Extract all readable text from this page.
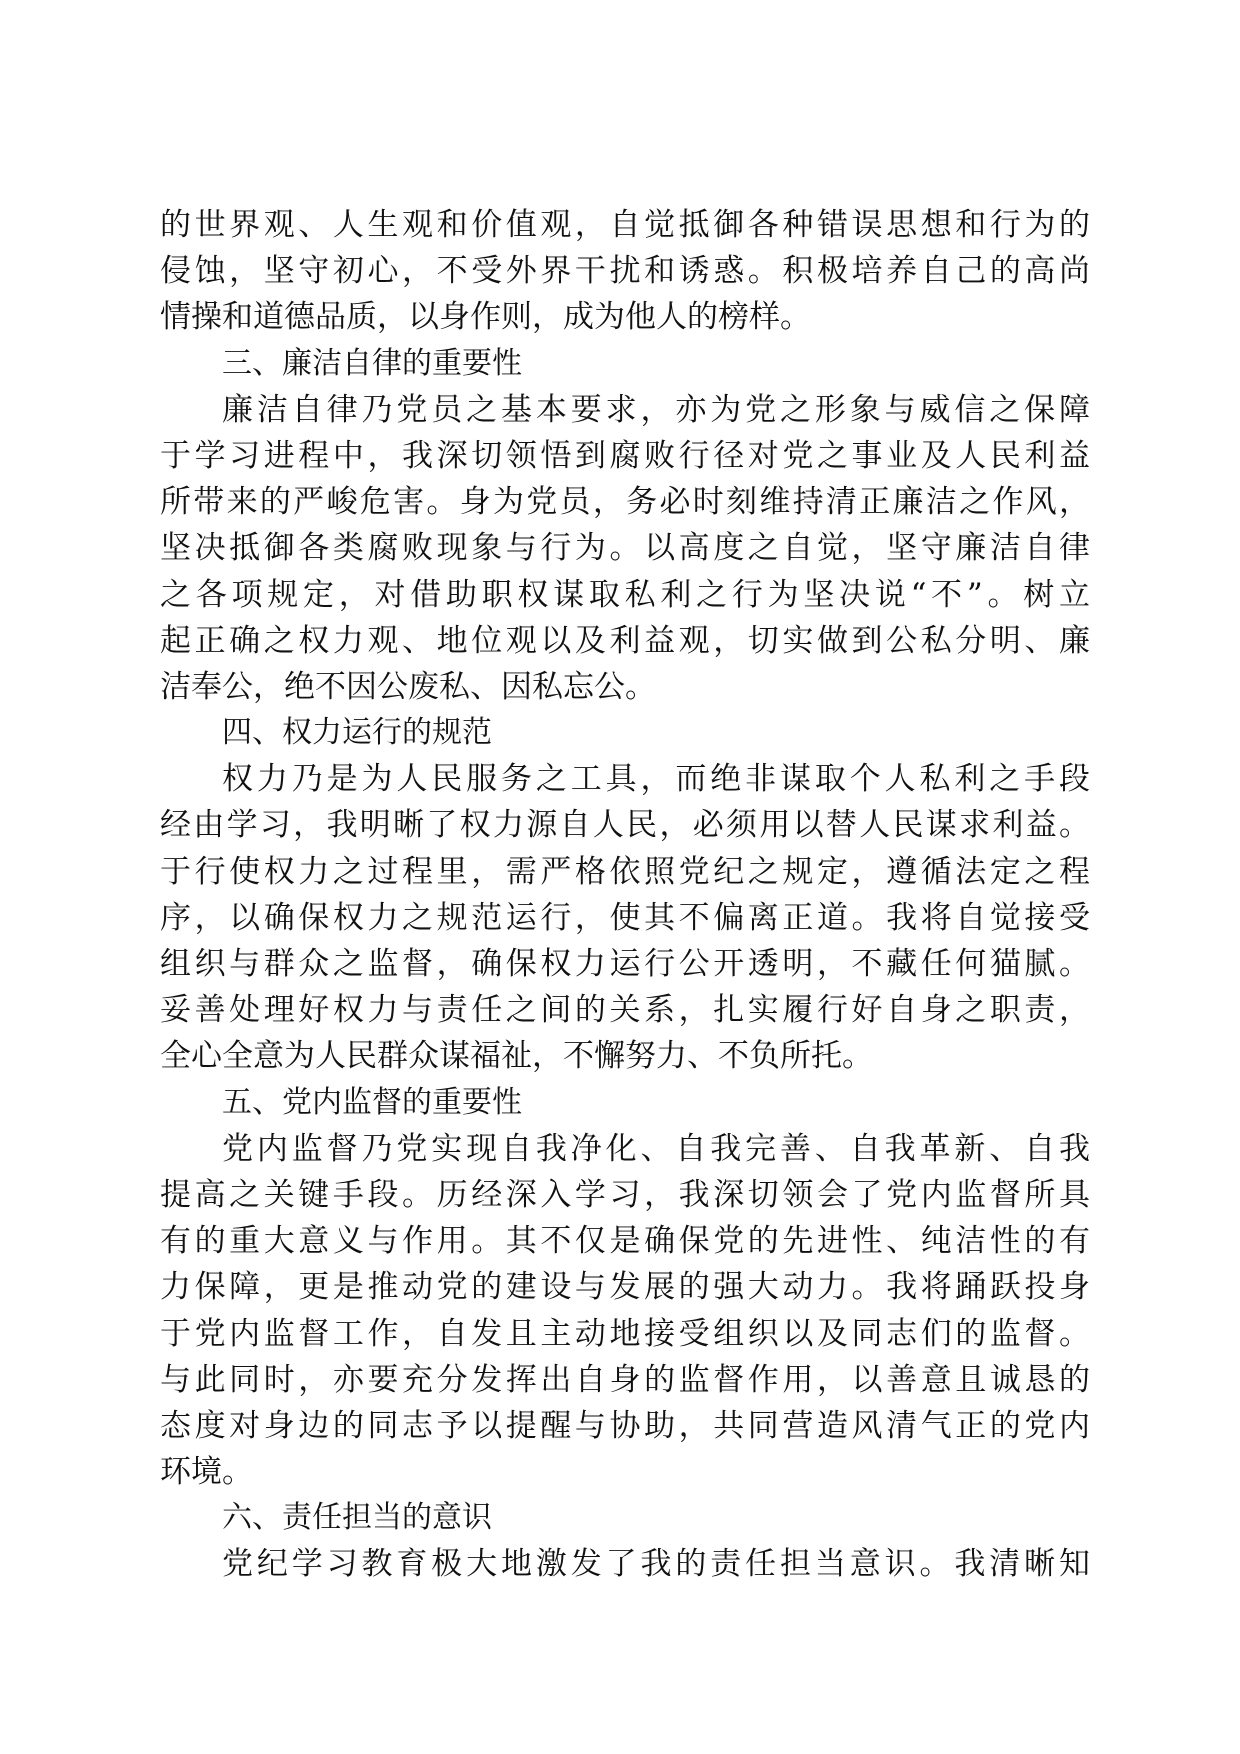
的世界观、人生观和价值观，自觉抵御各种错误思想和行为的
侵蚀，坚守初心，不受外界干扰和诱惑。积极培养自己的高尚
情操和道德品质，以身作则，成为他人的榜样。
三、廉洁自律的重要性
廉洁自律乃党员之基本要求，亦为党之形象与威信之保障
于学习进程中，我深切领悟到腐败行径对党之事业及人民利益
所带来的严峻危害。身为党员，务必时刻维持清正廉洁之作风，
坚决抵御各类腐败现象与行为。以高度之自觉，坚守廉洁自律
之各项规定，对借助职权谋取私利之行为坚决说“不”。树立
起正确之权力观、地位观以及利益观，切实做到公私分明、廉
洁奉公，绝不因公废私、因私忘公。
四、权力运行的规范
权力乃是为人民服务之工具，而绝非谋取个人私利之手段
经由学习，我明晰了权力源自人民，必须用以替人民谋求利益。
于行使权力之过程里，需严格依照党纪之规定，遵循法定之程
序，以确保权力之规范运行，使其不偏离正道。我将自觉接受
组织与群众之监督，确保权力运行公开透明，不藏任何猫腻。
妥善处理好权力与责任之间的关系，扎实履行好自身之职责，
全心全意为人民群众谋福祉，不懈努力、不负所托。
五、党内监督的重要性
党内监督乃党实现自我净化、自我完善、自我革新、自我
提高之关键手段。历经深入学习，我深切领会了党内监督所具
有的重大意义与作用。其不仅是确保党的先进性、纯洁性的有
力保障，更是推动党的建设与发展的强大动力。我将踊跃投身
于党内监督工作，自发且主动地接受组织以及同志们的监督。
与此同时，亦要充分发挥出自身的监督作用，以善意且诚恳的
态度对身边的同志予以提醒与协助，共同营造风清气正的党内
环境。
六、责任担当的意识
党纪学习教育极大地激发了我的责任担当意识。我清晰知
